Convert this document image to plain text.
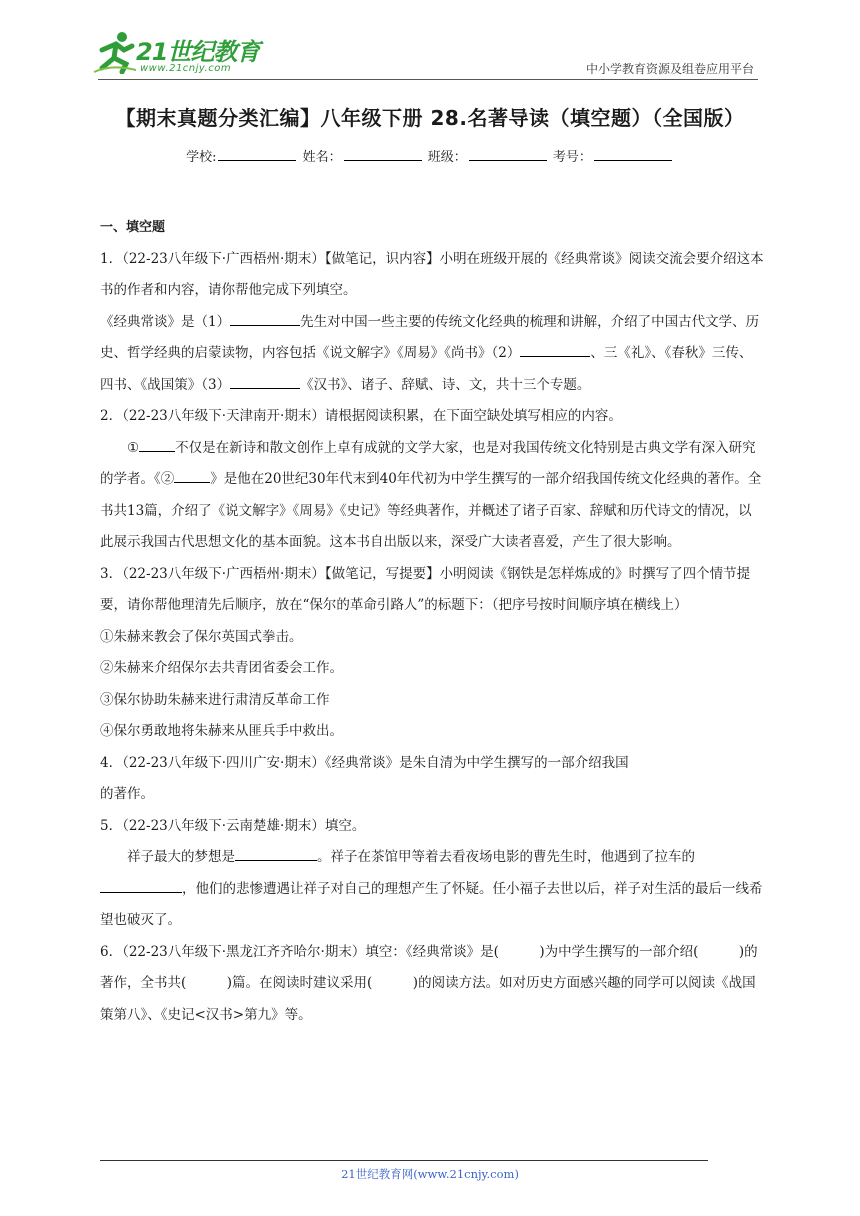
21世纪教育
www.21cnjy.com	中小学教育资源及组卷应用平台
【期末真题分类汇编】八年级下册 28.名著导读（填空题）（全国版）
学校:	姓名：	班级：	考号：

一、填空题

1．（22-23八年级下·广西梧州·期末）【做笔记，识内容】小明在班级开展的《经典常谈》阅读交流会要介绍这本书的作者和内容，请你帮他完成下列填空。

《经典常谈》是（1）	先生对中国一些主要的传统文化经典的梳理和讲解，介绍了中国古代文学、历史、哲学经典的启蒙读物，内容包括《说文解字》《周易》《尚书》（2）	、三《礼》、《春秋》三传、四书、《战国策》（3）	《汉书》、诸子、辞赋、诗、文，共十三个专题。

2．（22-23八年级下·天津南开·期末）请根据阅读积累，在下面空缺处填写相应的内容。

①	不仅是在新诗和散文创作上卓有成就的文学大家，也是对我国传统文化特别是古典文学有深入研究的学者。《②	》是他在20世纪30年代末到40年代初为中学生撰写的一部介绍我国传统文化经典的著作。全书共13篇，介绍了《说文解字》《周易》《史记》等经典著作，并概述了诸子百家、辞赋和历代诗文的情况，以此展示我国古代思想文化的基本面貌。这本书自出版以来，深受广大读者喜爱，产生了很大影响。

3．（22-23八年级下·广西梧州·期末）【做笔记，写提要】小明阅读《钢铁是怎样炼成的》时撰写了四个情节提要，请你帮他理清先后顺序，放在“保尔的革命引路人”的标题下：（把序号按时间顺序填在横线上）

①朱赫来教会了保尔英国式拳击。

②朱赫来介绍保尔去共青团省委会工作。

③保尔协助朱赫来进行肃清反革命工作

④保尔勇敢地将朱赫来从匪兵手中救出。

4．（22-23八年级下·四川广安·期末）《经典常谈》是朱自清为中学生撰写的一部介绍我国

的著作。

5．（22-23八年级下·云南楚雄·期末）填空。

祥子最大的梦想是	。祥子在茶馆甲等着去看夜场电影的曹先生时，他遇到了拉车的，他们的悲惨遭遇让祥子对自己的理想产生了怀疑。任小福子去世以后，祥子对生活的最后一线希望也破灭了。

6．（22-23八年级下·黑龙江齐齐哈尔·期末）填空：《经典常谈》是(　　　)为中学生撰写的一部介绍(　　　)的著作，全书共(　　　)篇。在阅读时建议采用(　　　)的阅读方法。如对历史方面感兴趣的同学可以阅读《战国策第八》、《史记<汉书>第九》等。

21世纪教育网(www.21cnjy.com)
